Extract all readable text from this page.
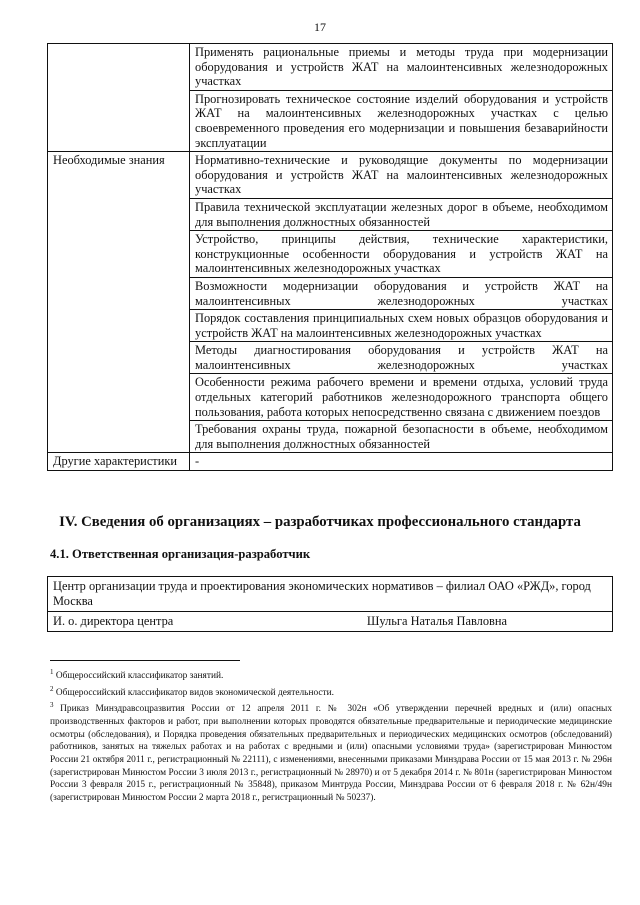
17
	Применять рациональные приемы и методы труда при модернизации оборудования и устройств ЖАТ на малоинтенсивных железнодорожных участках
	Прогнозировать техническое состояние изделий оборудования и устройств ЖАТ на малоинтенсивных железнодорожных участках с целью своевременного проведения его модернизации и повышения безаварийности эксплуатации
Необходимые знания	Нормативно-технические и руководящие документы по модернизации оборудования и устройств ЖАТ на малоинтенсивных железнодорожных участках
	Правила технической эксплуатации железных дорог в объеме, необходимом для выполнения должностных обязанностей
	Устройство, принципы действия, технические характеристики, конструкционные особенности оборудования и устройств ЖАТ на малоинтенсивных железнодорожных участках
	Возможности модернизации оборудования и устройств ЖАТ на малоинтенсивных железнодорожных участках
	Порядок составления принципиальных схем новых образцов оборудования и устройств ЖАТ на малоинтенсивных железнодорожных участках
	Методы диагностирования оборудования и устройств ЖАТ на малоинтенсивных железнодорожных участках
	Особенности режима рабочего времени и времени отдыха, условий труда отдельных категорий работников железнодорожного транспорта общего пользования, работа которых непосредственно связана с движением поездов
	Требования охраны труда, пожарной безопасности в объеме, необходимом для выполнения должностных обязанностей
Другие характеристики	-
IV. Сведения об организациях – разработчиках профессионального стандарта
4.1. Ответственная организация-разработчик
Центр организации труда и проектирования экономических нормативов – филиал ОАО «РЖД», город Москва

И. о. директора центра	Шульга Наталья Павловна

$^1$ Общероссийский классификатор занятий.

$^2$ Общероссийский классификатор видов экономической деятельности.

$^3$ Приказ Минздравсоцразвития России от 12 апреля 2011 г. № 302н «Об утверждении перечней вредных и (или) опасных производственных факторов и работ, при выполнении которых проводятся обязательные предварительные и периодические медицинские осмотры (обследования), и Порядка проведения обязательных предварительных и периодических медицинских осмотров (обследований) работников, занятых на тяжелых работах и на работах с вредными и (или) опасными условиями труда» (зарегистрирован Минюстом России 21 октября 2011 г., регистрационный № 22111), с изменениями, внесенными приказами Минздрава России от 15 мая 2013 г. № 296н (зарегистрирован Минюстом России 3 июля 2013 г., регистрационный № 28970) и от 5 декабря 2014 г. № 801н (зарегистрирован Минюстом России 3 февраля 2015 г., регистрационный № 35848), приказом Минтруда России, Минздрава России от 6 февраля 2018 г. № 62н/49н (зарегистрирован Минюстом России 2 марта 2018 г., регистрационный № 50237).
